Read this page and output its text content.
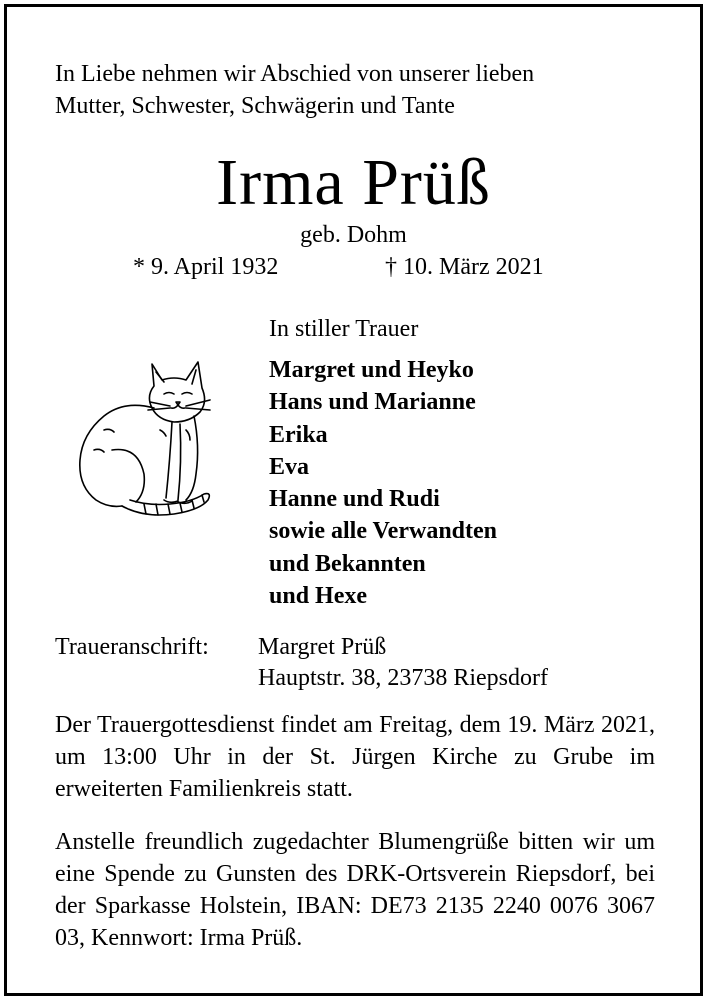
In Liebe nehmen wir Abschied von unserer lieben
Mutter, Schwester, Schwägerin und Tante
Irma Prüß
geb. Dohm
* 9. April 1932	† 10. März 2021
In stiller Trauer
Margret und Heyko
Hans und Marianne
Erika
Eva
Hanne und Rudi
sowie alle Verwandten
und Bekannten
und Hexe
Traueranschrift: Margret Prüß
Hauptstr. 38, 23738 Riepsdorf
Der Trauergottesdienst findet am Freitag, dem 19. März 2021, um 13:00 Uhr in der St. Jürgen Kirche zu Grube im erweiterten Familienkreis statt.
Anstelle freundlich zugedachter Blumengrüße bitten wir um eine Spende zu Gunsten des DRK-Ortsverein Riepsdorf, bei der Sparkasse Holstein, IBAN: DE73 2135 2240 0076 3067 03, Kennwort: Irma Prüß.
